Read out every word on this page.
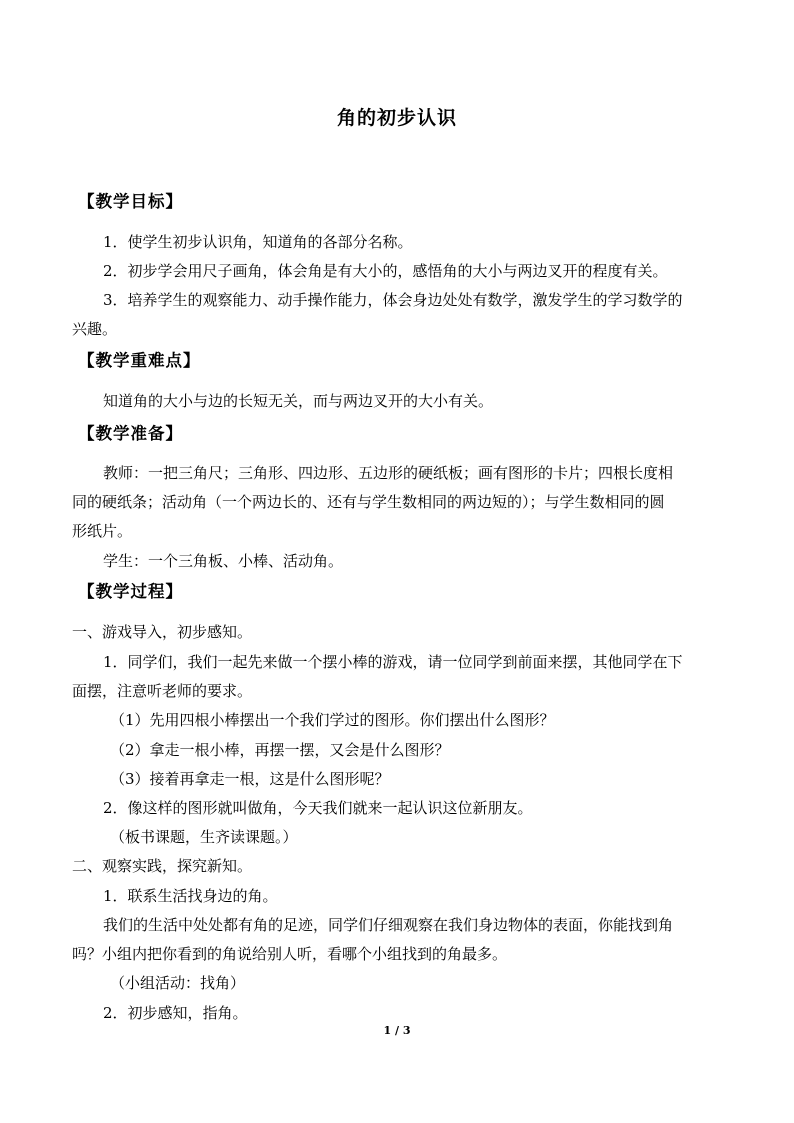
角的初步认识
【教学目标】
1．使学生初步认识角，知道角的各部分名称。
2．初步学会用尺子画角，体会角是有大小的，感悟角的大小与两边叉开的程度有关。
3．培养学生的观察能力、动手操作能力，体会身边处处有数学，激发学生的学习数学的
兴趣。
【教学重难点】
知道角的大小与边的长短无关，而与两边叉开的大小有关。
【教学准备】
教师：一把三角尺；三角形、四边形、五边形的硬纸板；画有图形的卡片；四根长度相
同的硬纸条；活动角（一个两边长的、还有与学生数相同的两边短的）；与学生数相同的圆
形纸片。
学生：一个三角板、小棒、活动角。
【教学过程】
一、游戏导入，初步感知。
1．同学们，我们一起先来做一个摆小棒的游戏，请一位同学到前面来摆，其他同学在下
面摆，注意听老师的要求。
（1）先用四根小棒摆出一个我们学过的图形。你们摆出什么图形？
（2）拿走一根小棒，再摆一摆，又会是什么图形？
（3）接着再拿走一根，这是什么图形呢？
2．像这样的图形就叫做角，今天我们就来一起认识这位新朋友。
（板书课题，生齐读课题。）
二、观察实践，探究新知。
1．联系生活找身边的角。
我们的生活中处处都有角的足迹，同学们仔细观察在我们身边物体的表面，你能找到角
吗？小组内把你看到的角说给别人听，看哪个小组找到的角最多。
（小组活动：找角）
2．初步感知，指角。
1 / 3
